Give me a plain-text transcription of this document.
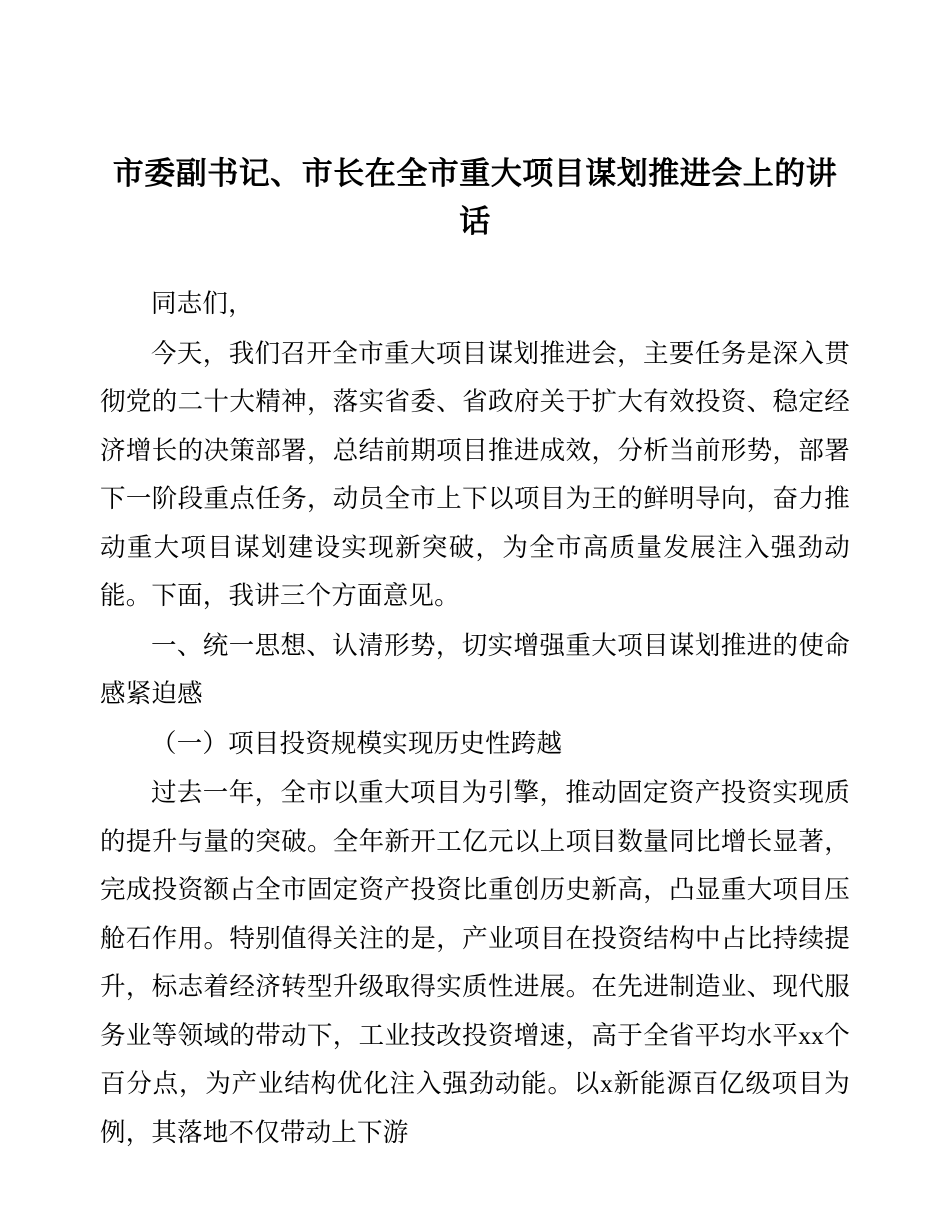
市委副书记、市长在全市重大项目谋划推进会上的讲话

同志们，

今天，我们召开全市重大项目谋划推进会，主要任务是深入贯彻党的二十大精神，落实省委、省政府关于扩大有效投资、稳定经济增长的决策部署，总结前期项目推进成效，分析当前形势，部署下一阶段重点任务，动员全市上下以项目为王的鲜明导向，奋力推动重大项目谋划建设实现新突破，为全市高质量发展注入强劲动能。下面，我讲三个方面意见。

一、统一思想、认清形势，切实增强重大项目谋划推进的使命感紧迫感

（一）项目投资规模实现历史性跨越

过去一年，全市以重大项目为引擎，推动固定资产投资实现质的提升与量的突破。全年新开工亿元以上项目数量同比增长显著，完成投资额占全市固定资产投资比重创历史新高，凸显重大项目压舱石作用。特别值得关注的是，产业项目在投资结构中占比持续提升，标志着经济转型升级取得实质性进展。在先进制造业、现代服务业等领域的带动下，工业技改投资增速，高于全省平均水平xx个百分点，为产业结构优化注入强劲动能。以x新能源百亿级项目为例，其落地不仅带动上下游
